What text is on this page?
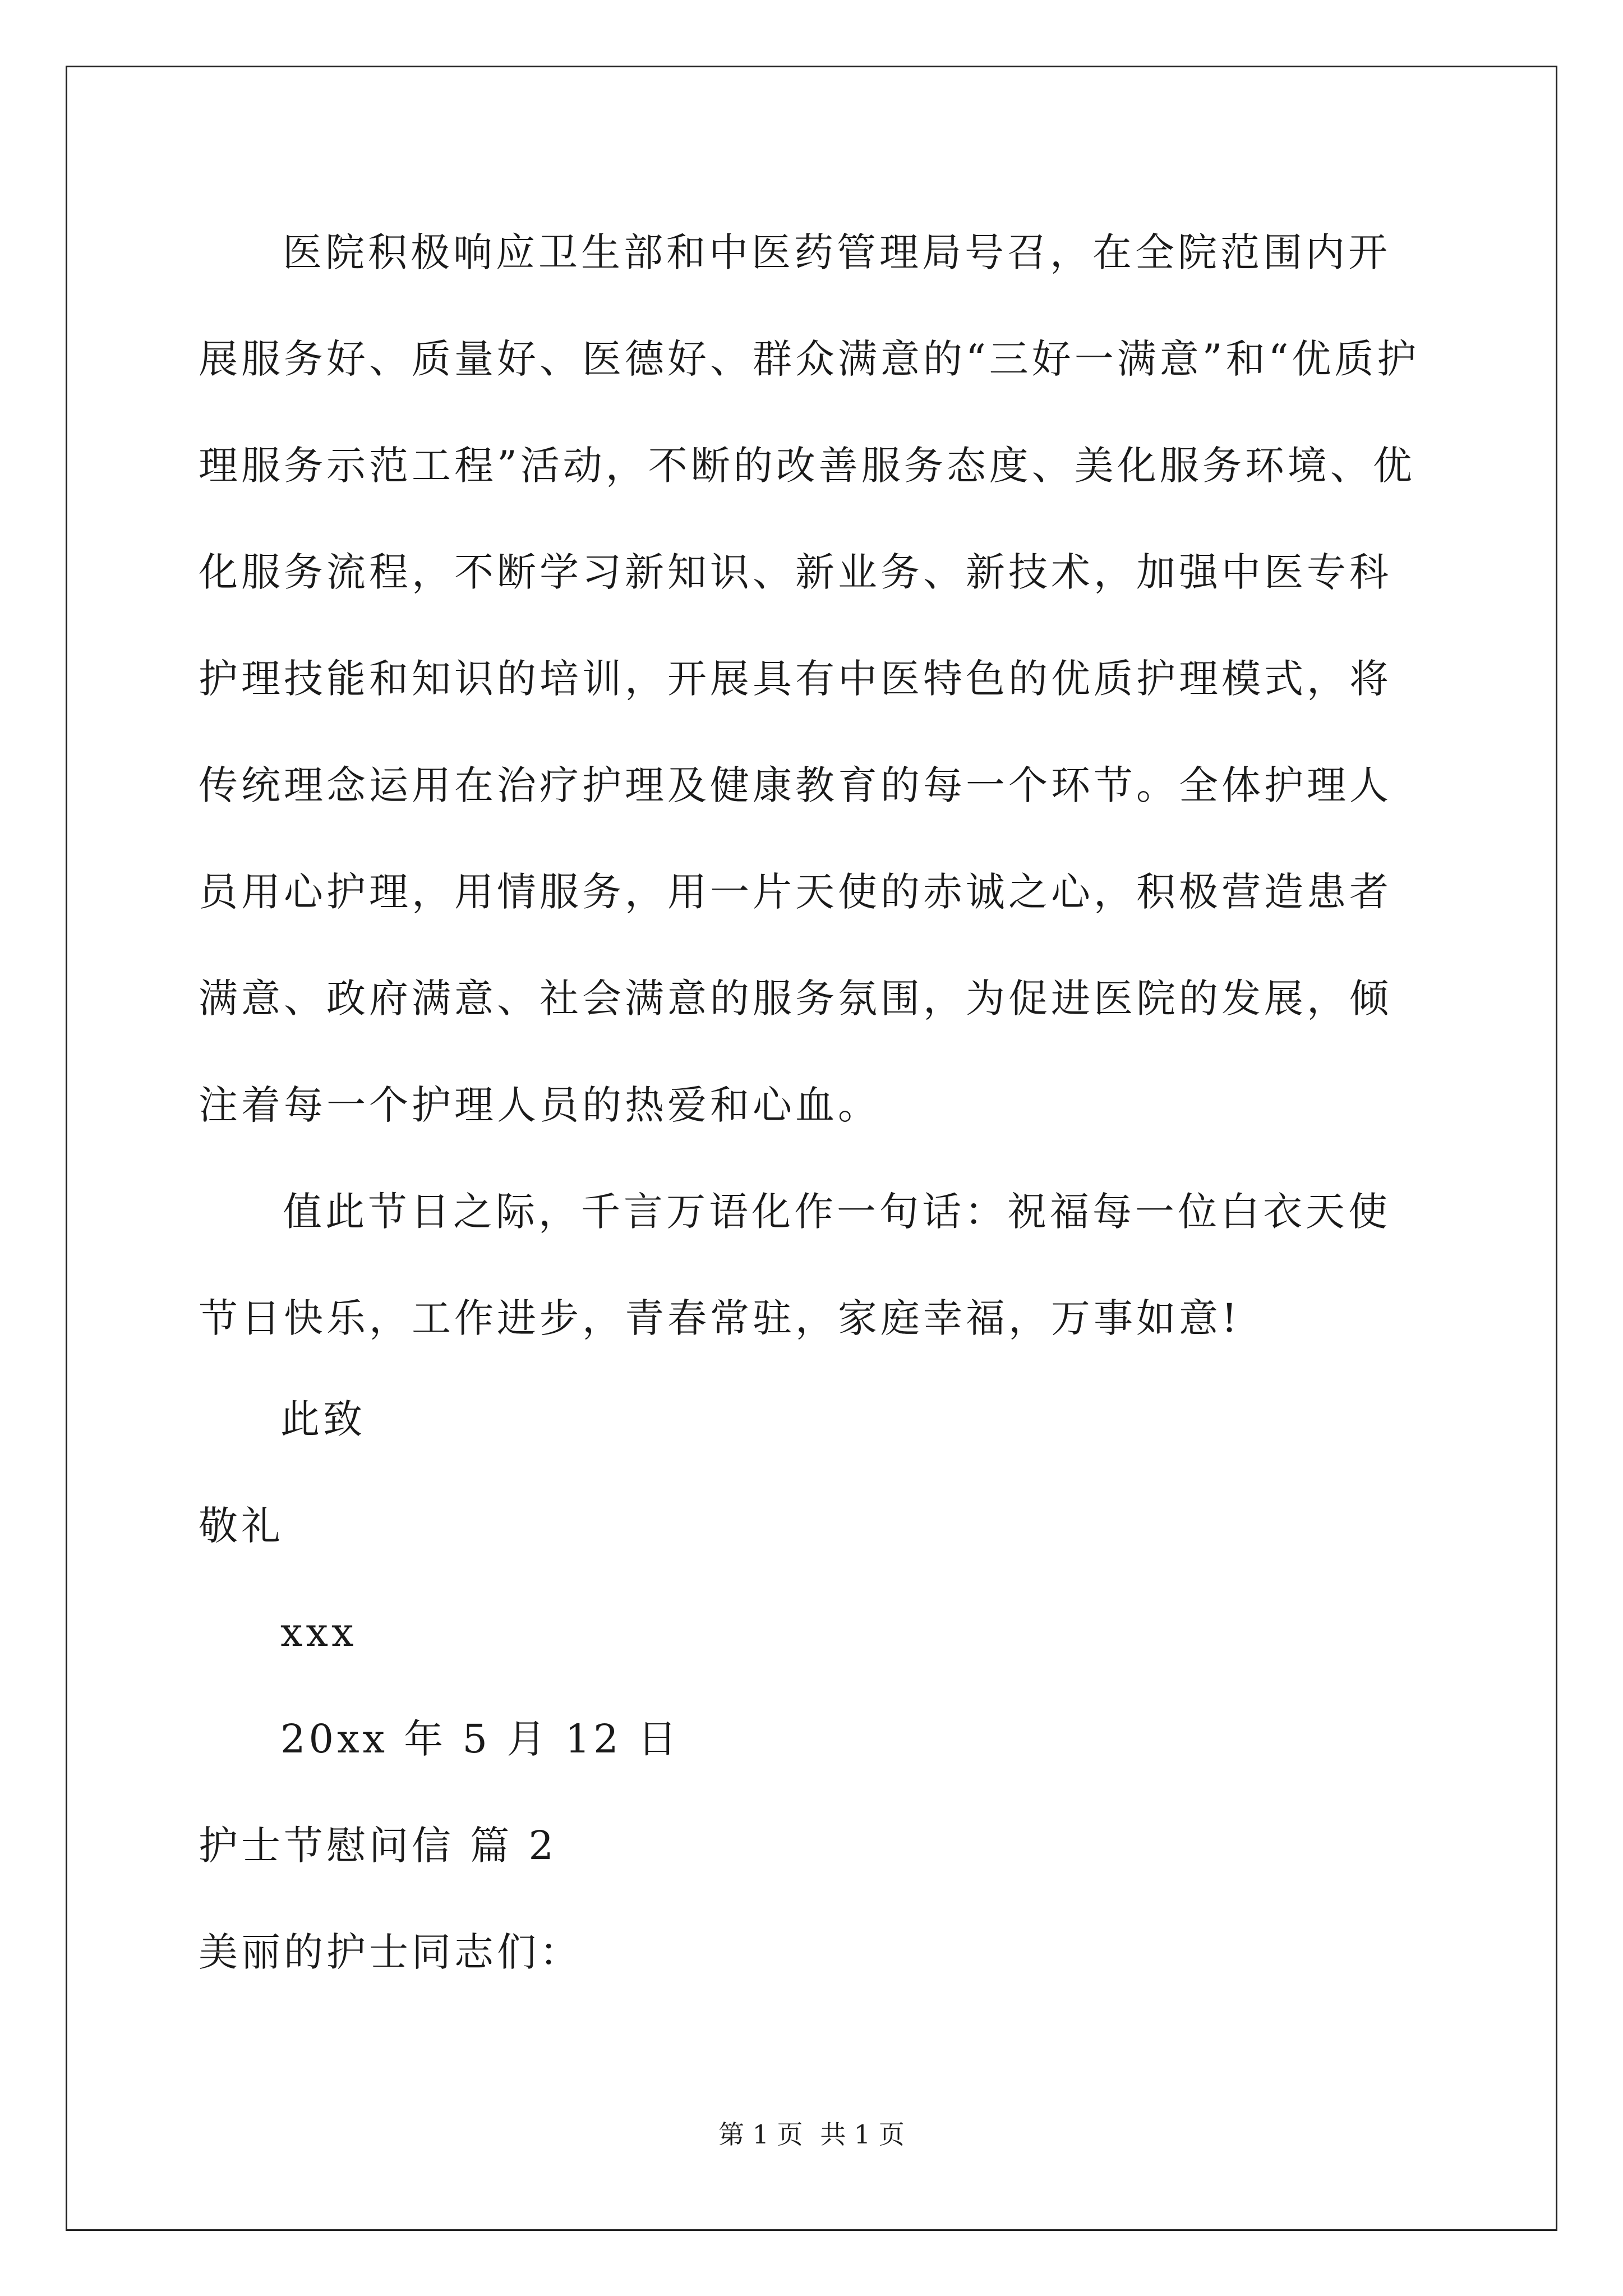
医院积极响应卫生部和中医药管理局号召，在全院范围内开展服务好、质量好、医德好、群众满意的“三好一满意”和“优质护理服务示范工程”活动，不断的改善服务态度、美化服务环境、优化服务流程，不断学习新知识、新业务、新技术，加强中医专科护理技能和知识的培训，开展具有中医特色的优质护理模式，将传统理念运用在治疗护理及健康教育的每一个环节。全体护理人员用心护理，用情服务，用一片天使的赤诚之心，积极营造患者满意、政府满意、社会满意的服务氛围，为促进医院的发展，倾注着每一个护理人员的热爱和心血。

值此节日之际，千言万语化作一句话：祝福每一位白衣天使节日快乐，工作进步，青春常驻，家庭幸福，万事如意!

此致
敬礼
xxx
20xx 年 5 月 12 日
护士节慰问信 篇 2
美丽的护士同志们：
第 1 页 共 1 页
